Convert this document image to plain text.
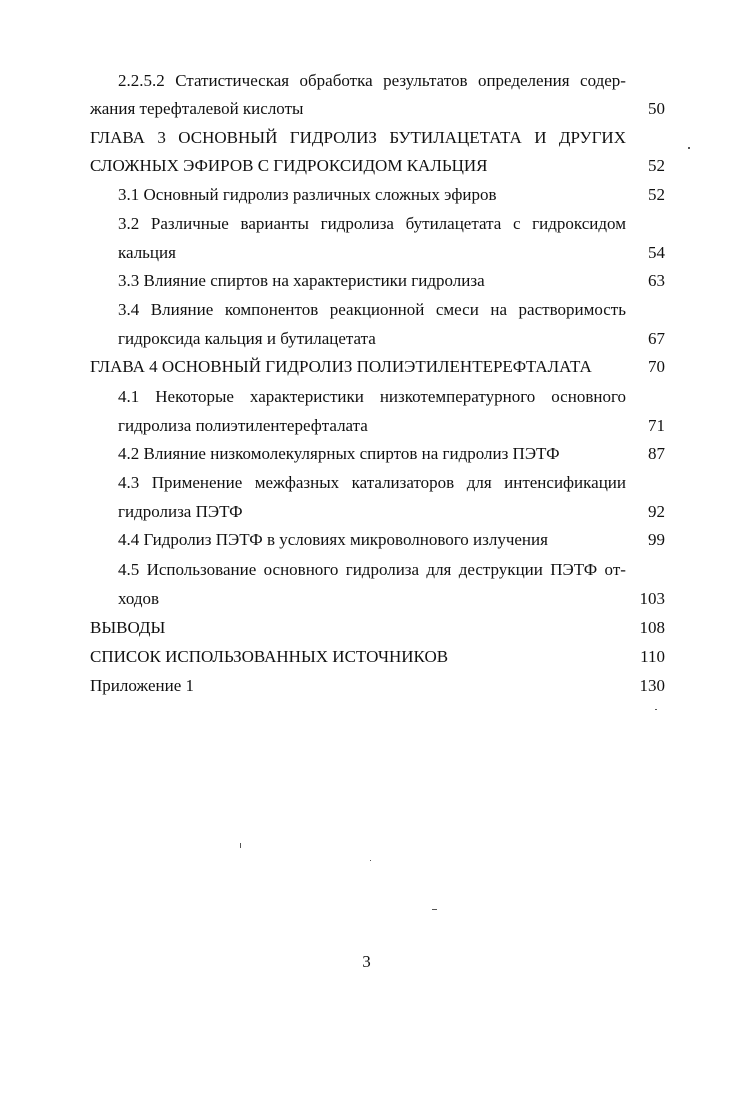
2.2.5.2 Статистическая обработка результатов определения содер-
жания терефталевой кислоты	50
ГЛАВА 3 ОСНОВНЫЙ ГИДРОЛИЗ БУТИЛАЦЕТАТА И ДРУГИХ
СЛОЖНЫХ ЭФИРОВ С ГИДРОКСИДОМ КАЛЬЦИЯ	52
3.1 Основный гидролиз различных сложных эфиров	52
3.2 Различные варианты гидролиза бутилацетата с гидроксидом
кальция	54
3.3 Влияние спиртов на характеристики гидролиза	63
3.4 Влияние компонентов реакционной смеси на растворимость
гидроксида кальция и бутилацетата	67
ГЛАВА 4 ОСНОВНЫЙ ГИДРОЛИЗ ПОЛИЭТИЛЕНТЕРЕФТАЛАТА	70
4.1 Некоторые характеристики низкотемпературного основного
гидролиза полиэтилентерефталата	71
4.2 Влияние низкомолекулярных спиртов на гидролиз ПЭТФ	87
4.3 Применение межфазных катализаторов для интенсификации
гидролиза ПЭТФ	92
4.4 Гидролиз ПЭТФ в условиях микроволнового излучения	99
4.5 Использование основного гидролиза для деструкции ПЭТФ от-
ходов	103
ВЫВОДЫ	108
СПИСОК ИСПОЛЬЗОВАННЫХ ИСТОЧНИКОВ	110
Приложение 1	130
3
